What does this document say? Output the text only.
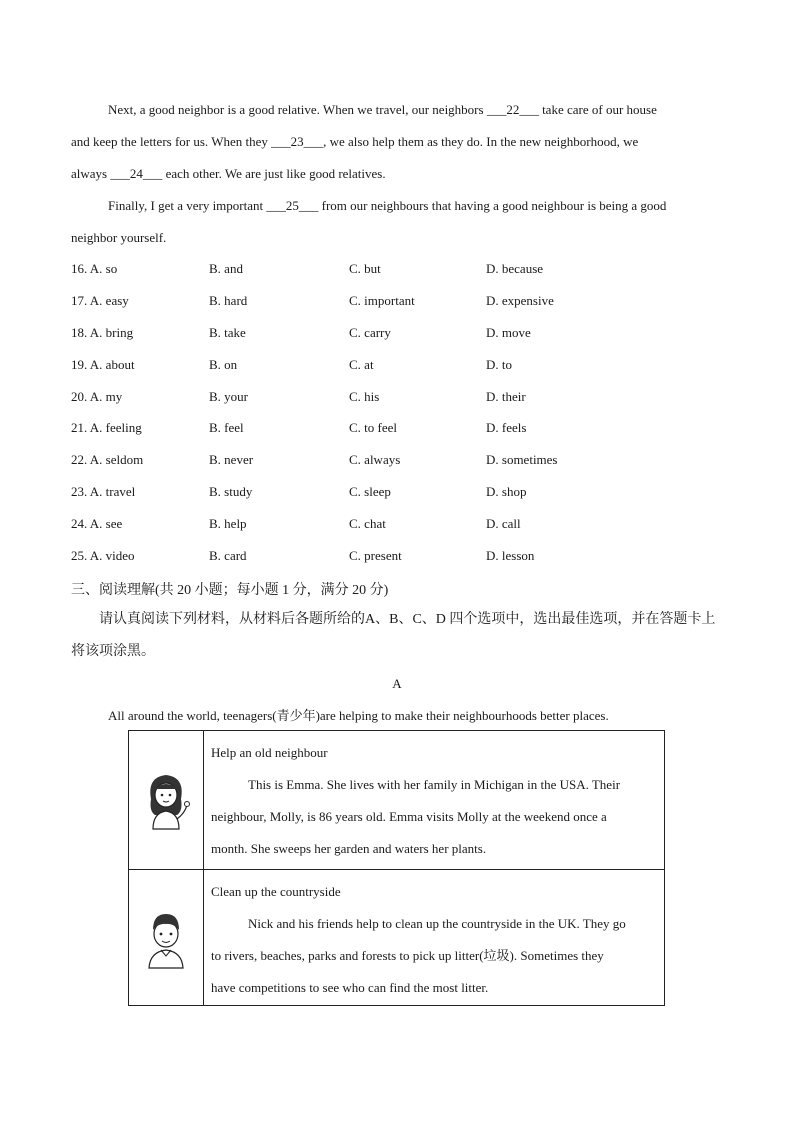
Next, a good neighbor is a good relative. When we travel, our neighbors ___22___ take care of our house
and keep the letters for us. When they ___23___, we also help them as they do. In the new neighborhood, we
always ___24___ each other. We are just like good relatives.
Finally, I get a very important ___25___ from our neighbours that having a good neighbour is being a good
neighbor yourself.
16. A. so	B. and	C. but	D. because
17. A. easy	B. hard	C. important	D. expensive
18. A. bring	B. take	C. carry	D. move
19. A. about	B. on	C. at	D. to
20. A. my	B. your	C. his	D. their
21. A. feeling	B. feel	C. to feel	D. feels
22. A. seldom	B. never	C. always	D. sometimes
23. A. travel	B. study	C. sleep	D. shop
24. A. see	B. help	C. chat	D. call
25. A. video	B. card	C. present	D. lesson
三、阅读理解(共 20 小题；每小题 1 分，满分 20 分)
请认真阅读下列材料，从材料后各题所给的A、B、C、D 四个选项中，选出最佳选项，并在答题卡上
将该项涂黑。
A
All around the world, teenagers(青少年)are helping to make their neighbourhoods better places.
Help an old neighbour
This is Emma. She lives with her family in Michigan in the USA. Their
neighbour, Molly, is 86 years old. Emma visits Molly at the weekend once a
month. She sweeps her garden and waters her plants.
Clean up the countryside
Nick and his friends help to clean up the countryside in the UK. They go
to rivers, beaches, parks and forests to pick up litter(垃圾). Sometimes they
have competitions to see who can find the most litter.
